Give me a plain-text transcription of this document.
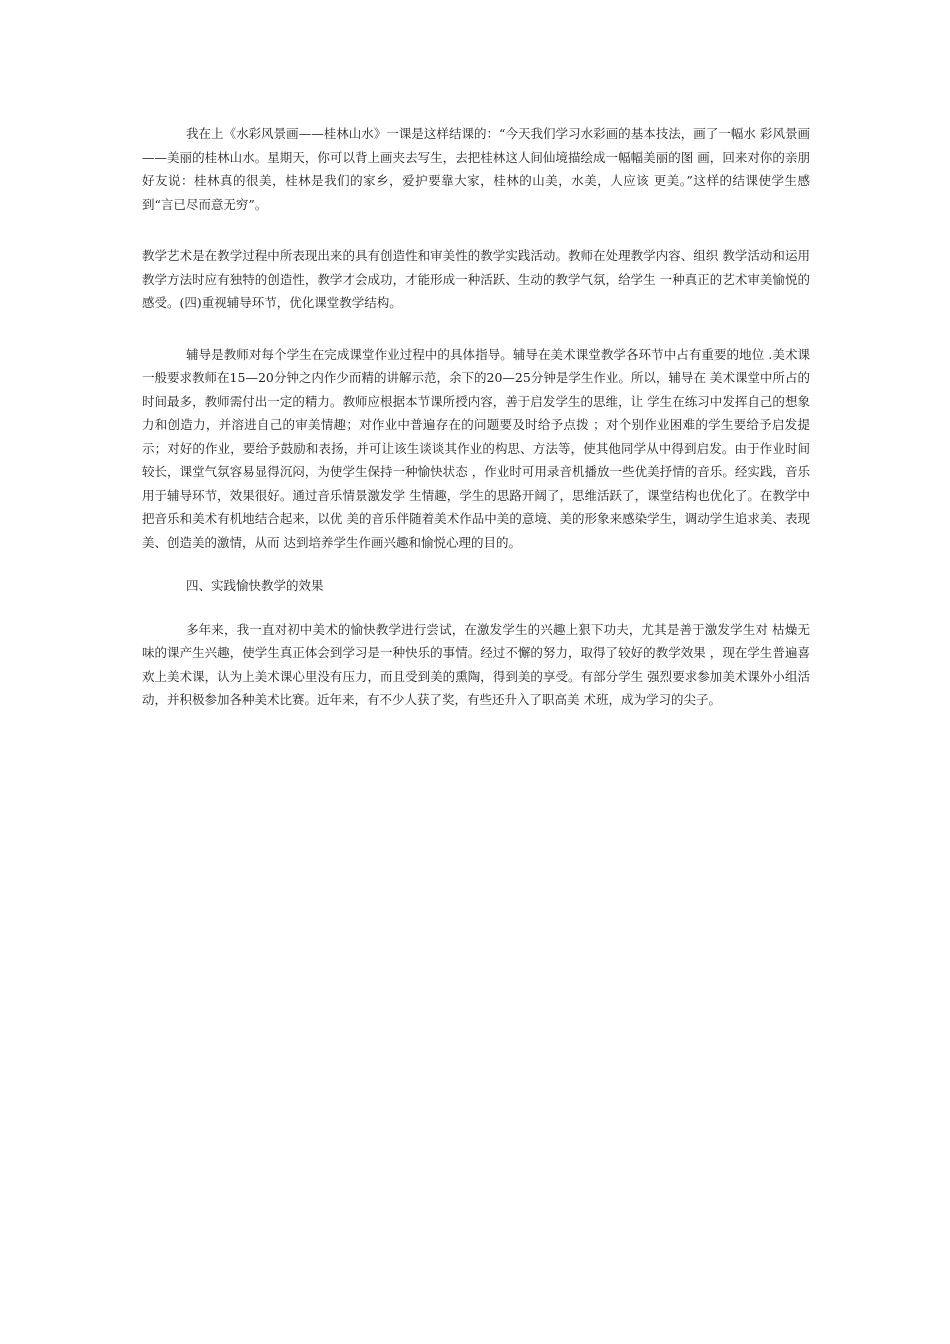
我在上《水彩风景画——桂林山水》一课是这样结课的：“今天我们学习水彩画的基本技法，画了一幅水 彩风景画——美丽的桂林山水。星期天，你可以背上画夹去写生，去把桂林这人间仙境描绘成一幅幅美丽的图 画，回来对你的亲朋好友说：桂林真的很美，桂林是我们的家乡，爱护要靠大家，桂林的山美，水美，人应该 更美。”这样的结课使学生感到“言已尽而意无穷”。

教学艺术是在教学过程中所表现出来的具有创造性和审美性的教学实践活动。教师在处理教学内容、组织 教学活动和运用教学方法时应有独特的创造性，教学才会成功，才能形成一种活跃、生动的教学气氛，给学生 一种真正的艺术审美愉悦的感受。(四)重视辅导环节，优化课堂教学结构。

辅导是教师对每个学生在完成课堂作业过程中的具体指导。辅导在美术课堂教学各环节中占有重要的地位 .美术课一般要求教师在15—20分钟之内作少而精的讲解示范，余下的20—25分钟是学生作业。所以，辅导在 美术课堂中所占的时间最多，教师需付出一定的精力。教师应根据本节课所授内容，善于启发学生的思维，让 学生在练习中发挥自己的想象力和创造力，并溶进自己的审美情趣；对作业中普遍存在的问题要及时给予点拨 ；对个别作业困难的学生要给予启发提示；对好的作业，要给予鼓励和表扬，并可让该生谈谈其作业的构思、方法等，使其他同学从中得到启发。由于作业时间较长，课堂气氛容易显得沉闷，为使学生保持一种愉快状态 ，作业时可用录音机播放一些优美抒情的音乐。经实践，音乐用于辅导环节，效果很好。通过音乐情景激发学 生情趣，学生的思路开阔了，思维活跃了，课堂结构也优化了。在教学中把音乐和美术有机地结合起来，以优 美的音乐伴随着美术作品中美的意境、美的形象来感染学生，调动学生追求美、表现美、创造美的激情，从而 达到培养学生作画兴趣和愉悦心理的目的。

四、实践愉快教学的效果

多年来，我一直对初中美术的愉快教学进行尝试，在激发学生的兴趣上狠下功夫，尤其是善于激发学生对 枯燥无味的课产生兴趣，使学生真正体会到学习是一种快乐的事情。经过不懈的努力，取得了较好的教学效果 ，现在学生普遍喜欢上美术课，认为上美术课心里没有压力，而且受到美的熏陶，得到美的享受。有部分学生 强烈要求参加美术课外小组活动，并积极参加各种美术比赛。近年来，有不少人获了奖，有些还升入了职高美 术班，成为学习的尖子。
